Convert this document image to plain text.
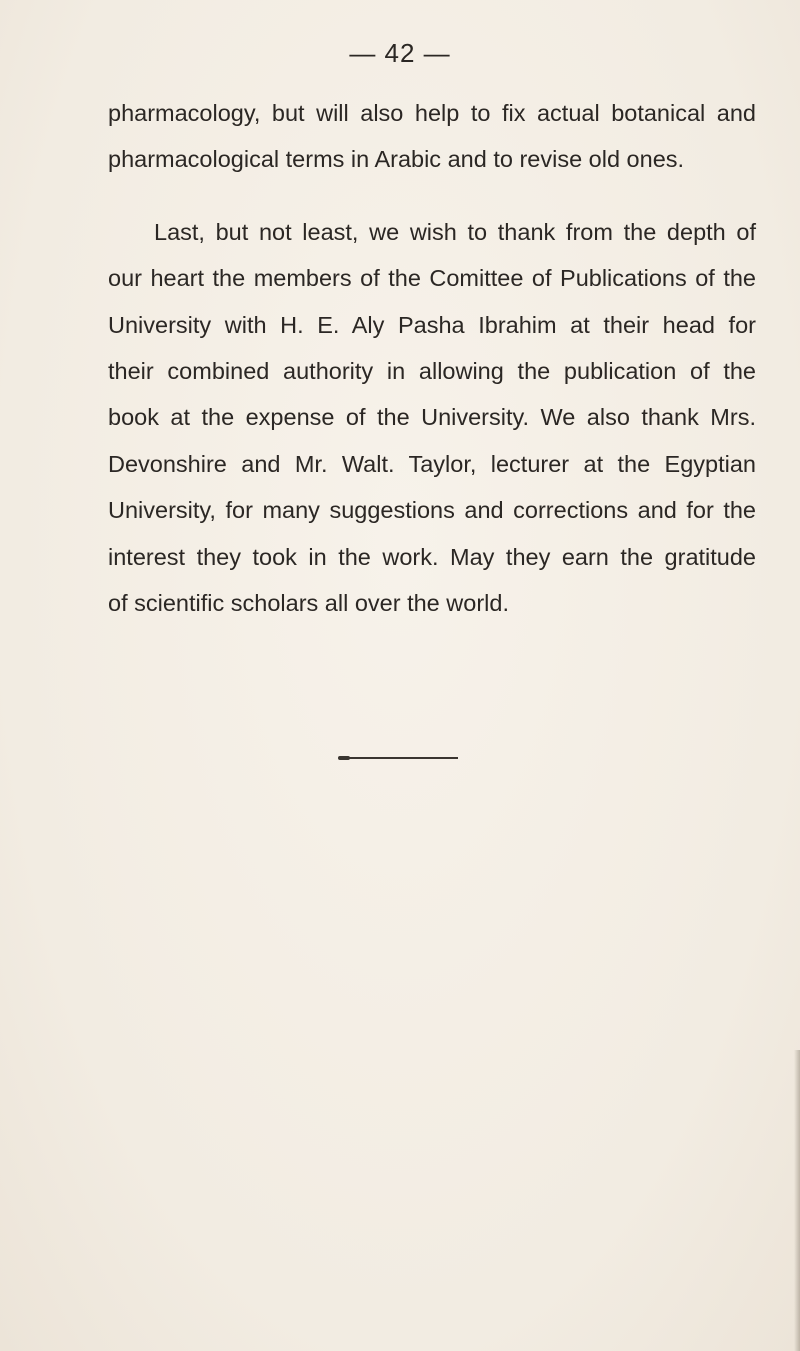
— 42 —
pharmacology, but will also help to fix actual botanical and
pharmacological terms in Arabic and to revise old ones.
Last, but not least, we wish to thank from the depth of
our heart the members of the Comittee of Publications of the
University with H. E. Aly Pasha Ibrahim at their head for
their combined authority in allowing the publication of the
book at the expense of the University. We also thank Mrs.
Devonshire and Mr. Walt. Taylor, lecturer at the Egyptian
University, for many suggestions and corrections and for the
interest they took in the work. May they earn the gratitude
of scientific scholars all over the world.
